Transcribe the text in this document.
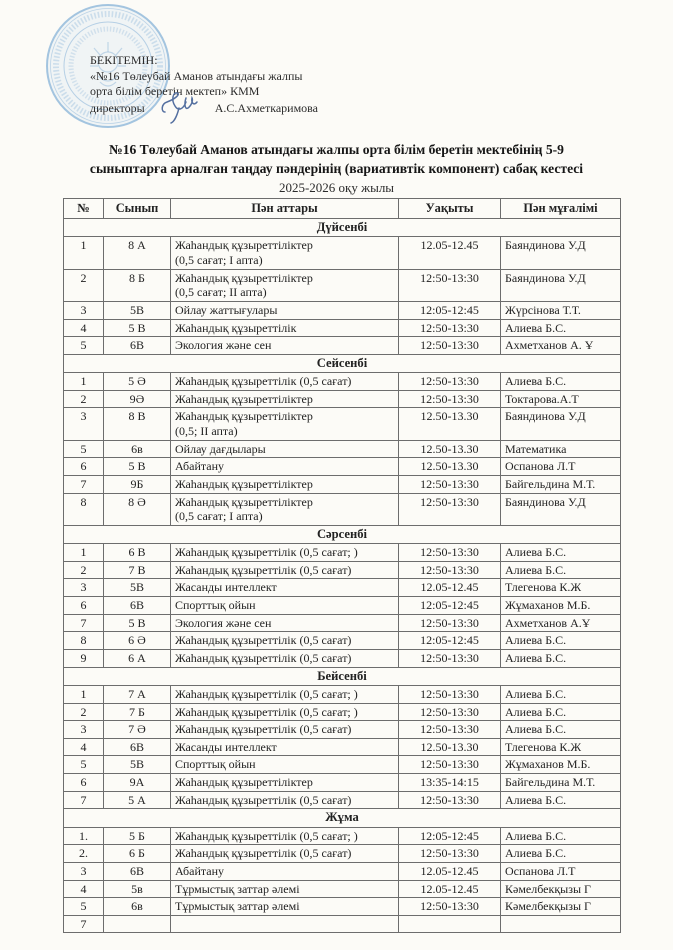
БЕКІТЕМІН:
«№16 Төлеубай Аманов атындағы жалпы
орта білім беретін мектеп» КММ
директоры	А.С.Ахметкаримова
№16 Төлеубай Аманов атындағы жалпы орта білім беретін мектебінің 5-9
сыныптарға арналған таңдау пәндерінің (вариативтік компонент) сабақ кестесі
2025-2026 оқу жылы
№	Сынып	Пән аттары	Уақыты	Пән мұғалімі
Дүйсенбі				
1	8 А	Жаһандық құзыреттіліктер
(0,5 сағат; I апта)	12.05-12.45	Баяндинова У.Д
2	8 Б	Жаһандық құзыреттіліктер
(0,5 сағат; II апта)	12:50-13:30	Баяндинова У.Д
3	5В	Ойлау жаттығулары	12:05-12:45	Жүрсінова Т.Т.
4	5 В	Жаһандық құзыреттілік	12:50-13:30	Алиева Б.С.
5	6В	Экология және сен	12:50-13:30	Ахметханов А. Ұ
Сейсенбі				
1	5 Ә	Жаһандық құзыреттілік (0,5 сағат)	12:50-13:30	Алиева Б.С.
2	9Ә	Жаһандық құзыреттіліктер	12:50-13:30	Токтарова.А.Т
3	8 В	Жаһандық құзыреттіліктер
(0,5; II апта)	12.50-13.30	Баяндинова У.Д
5	6в	Ойлау дағдылары	12.50-13.30	Математика
6	5 В	Абайтану	12.50-13.30	Оспанова Л.Т
7	9Б	Жаһандық құзыреттіліктер	12:50-13:30	Байгельдина М.Т.
8	8 Ә	Жаһандық құзыреттіліктер
(0,5 сағат; I апта)	12:50-13:30	Баяндинова У.Д
Сәрсенбі				
1	6 В	Жаһандық құзыреттілік (0,5 сағат; )	12:50-13:30	Алиева Б.С.
2	7 В	Жаһандық құзыреттілік (0,5 сағат)	12:50-13:30	Алиева Б.С.
3	5В	Жасанды интеллект	12.05-12.45	Тлегенова К.Ж
6	6В	Спорттық ойын	12:05-12:45	Жұмаханов М.Б.
7	5 В	Экология және сен	12:50-13:30	Ахметханов А.Ұ
8	6 Ә	Жаһандық құзыреттілік (0,5 сағат)	12:05-12:45	Алиева Б.С.
9	6 А	Жаһандық құзыреттілік (0,5 сағат)	12:50-13:30	Алиева Б.С.
Бейсенбі				
1	7 А	Жаһандық құзыреттілік (0,5 сағат; )	12:50-13:30	Алиева Б.С.
2	7 Б	Жаһандық құзыреттілік (0,5 сағат; )	12:50-13:30	Алиева Б.С.
3	7 Ә	Жаһандық құзыреттілік (0,5 сағат)	12:50-13:30	Алиева Б.С.
4	6В	Жасанды интеллект	12.50-13.30	Тлегенова К.Ж
5	5В	Спорттық ойын	12:50-13:30	Жұмаханов М.Б.
6	9А	Жаһандық құзыреттіліктер	13:35-14:15	Байгельдина М.Т.
7	5 А	Жаһандық құзыреттілік (0,5 сағат)	12:50-13:30	Алиева Б.С.
Жұма				
1.	5 Б	Жаһандық құзыреттілік (0,5 сағат; )	12:05-12:45	Алиева Б.С.
2.	6 Б	Жаһандық құзыреттілік (0,5 сағат)	12:50-13:30	Алиева Б.С.
3	6В	Абайтану	12.05-12.45	Оспанова Л.Т
4	5в	Тұрмыстық заттар әлемі	12.05-12.45	Кәмелбекқызы Г
5	6в	Тұрмыстық заттар әлемі	12:50-13:30	Кәмелбекқызы Г
7				
